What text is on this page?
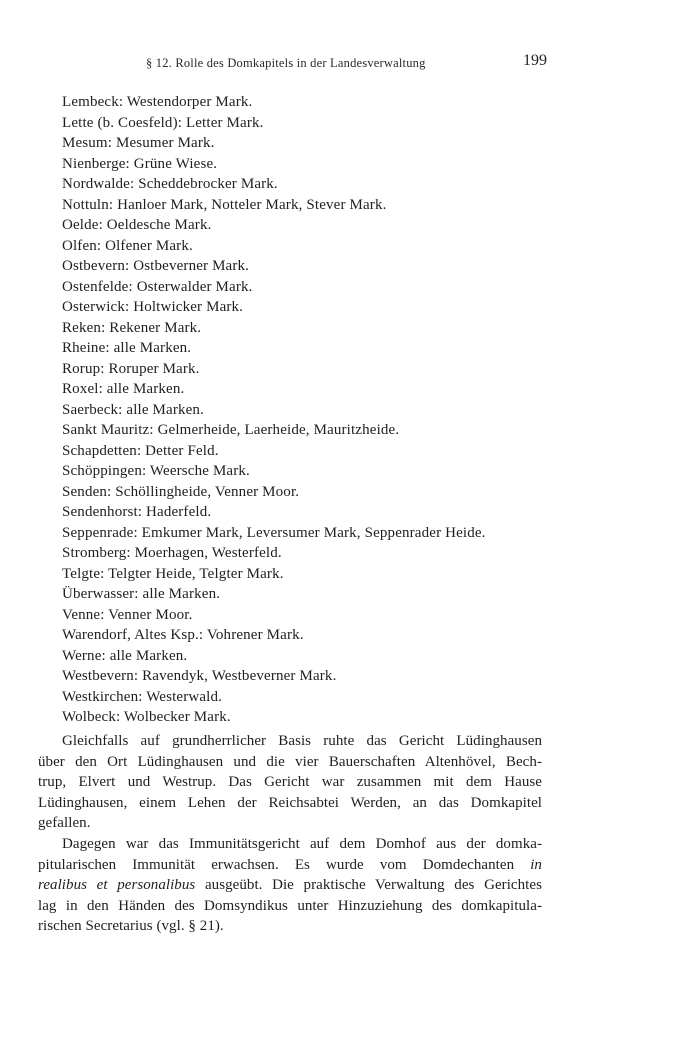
§ 12. Rolle des Domkapitels in der Landesverwaltung	199
Lembeck: Westendorper Mark.
Lette (b. Coesfeld): Letter Mark.
Mesum: Mesumer Mark.
Nienberge: Grüne Wiese.
Nordwalde: Scheddebrocker Mark.
Nottuln: Hanloer Mark, Notteler Mark, Stever Mark.
Oelde: Oeldesche Mark.
Olfen: Olfener Mark.
Ostbevern: Ostbeverner Mark.
Ostenfelde: Osterwalder Mark.
Osterwick: Holtwicker Mark.
Reken: Rekener Mark.
Rheine: alle Marken.
Rorup: Roruper Mark.
Roxel: alle Marken.
Saerbeck: alle Marken.
Sankt Mauritz: Gelmerheide, Laerheide, Mauritzheide.
Schapdetten: Detter Feld.
Schöppingen: Weersche Mark.
Senden: Schöllingheide, Venner Moor.
Sendenhorst: Haderfeld.
Seppenrade: Emkumer Mark, Leversumer Mark, Seppenrader Heide.
Stromberg: Moerhagen, Westerfeld.
Telgte: Telgter Heide, Telgter Mark.
Überwasser: alle Marken.
Venne: Venner Moor.
Warendorf, Altes Ksp.: Vohrener Mark.
Werne: alle Marken.
Westbevern: Ravendyk, Westbeverner Mark.
Westkirchen: Westerwald.
Wolbeck: Wolbecker Mark.

Gleichfalls auf grundherrlicher Basis ruhte das Gericht Lüdinghausen
über den Ort Lüdinghausen und die vier Bauerschaften Altenhövel, Bech-
trup, Elvert und Westrup. Das Gericht war zusammen mit dem Hause
Lüdinghausen, einem Lehen der Reichsabtei Werden, an das Domkapitel
gefallen.

Dagegen war das Immunitätsgericht auf dem Domhof aus der domka-
pitularischen Immunität erwachsen. Es wurde vom Domdechanten in
realibus et personalibus ausgeübt. Die praktische Verwaltung des Gerichtes
lag in den Händen des Domsyndikus unter Hinzuziehung des domkapitula-
rischen Secretarius (vgl. § 21).
